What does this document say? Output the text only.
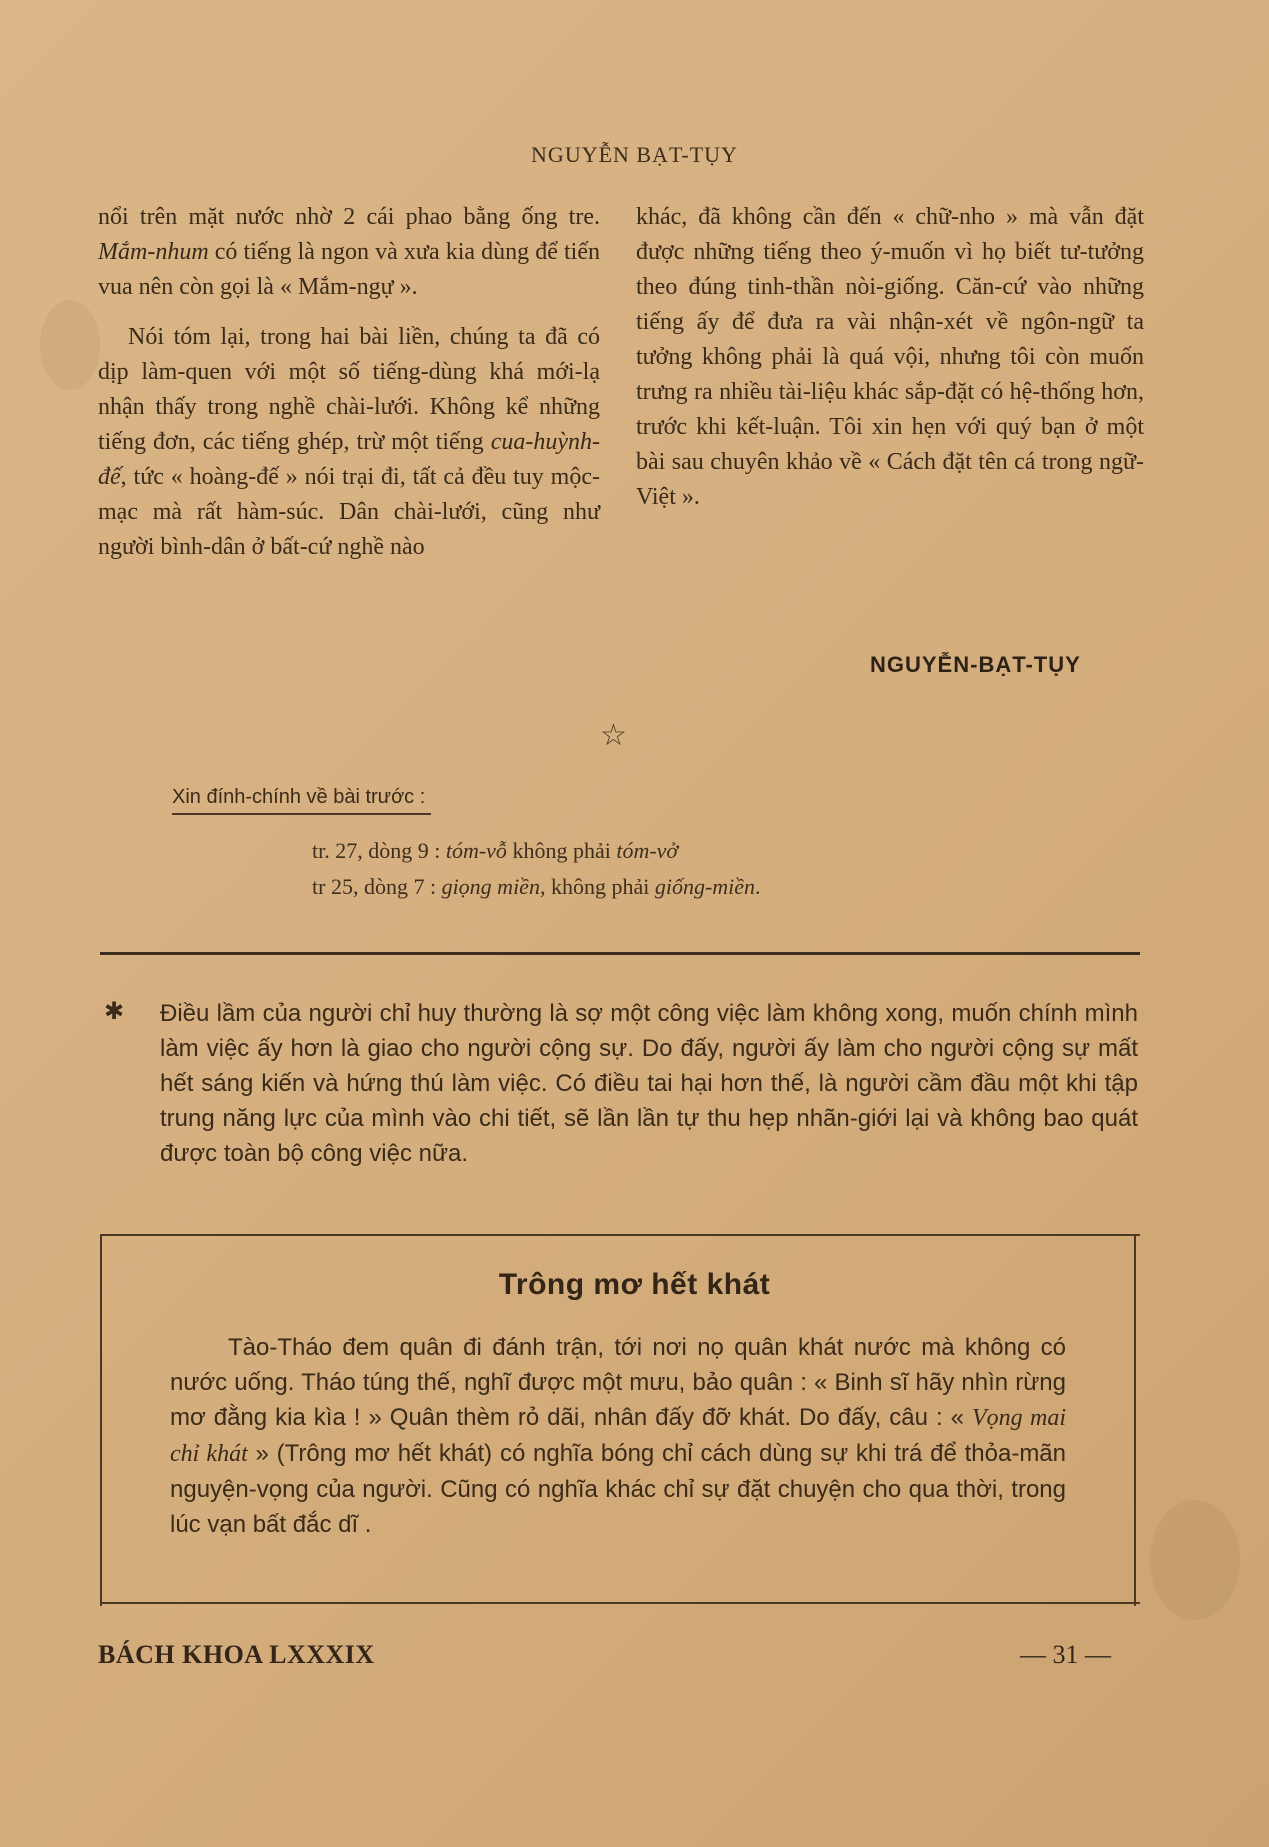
NGUYỄN BẠT-TỤY

nổi trên mặt nước nhờ 2 cái phao bằng ống tre. Mắm-nhum có tiếng là ngon và xưa kia dùng để tiến vua nên còn gọi là « Mắm-ngự ».

Nói tóm lại, trong hai bài liền, chúng ta đã có dịp làm-quen với một số tiếng-dùng khá mới-lạ nhận thấy trong nghề chài-lưới. Không kể những tiếng đơn, các tiếng ghép, trừ một tiếng cua-huỳnh-đế, tức « hoàng-đế » nói trại đi, tất cả đều tuy mộc-mạc mà rất hàm-súc. Dân chài-lưới, cũng như người bình-dân ở bất-cứ nghề nào

khác, đã không cần đến « chữ-nho » mà vẫn đặt được những tiếng theo ý-muốn vì họ biết tư-tưởng theo đúng tinh-thần nòi-giống. Căn-cứ vào những tiếng ấy để đưa ra vài nhận-xét về ngôn-ngữ ta tưởng không phải là quá vội, nhưng tôi còn muốn trưng ra nhiều tài-liệu khác sắp-đặt có hệ-thống hơn, trước khi kết-luận. Tôi xin hẹn với quý bạn ở một bài sau chuyên khảo về « Cách đặt tên cá trong ngữ-Việt ».

NGUYỄN-BẠT-TỤY
☆
Xin đính-chính về bài trước :
tr. 27, dòng 9 : tóm-vỗ không phải tóm-vở
tr 25, dòng 7 : giọng miền, không phải giống-miền.
✱ Điều lầm của người chỉ huy thường là sợ một công việc làm không xong, muốn chính mình làm việc ấy hơn là giao cho người cộng sự. Do đấy, người ấy làm cho người cộng sự mất hết sáng kiến và hứng thú làm việc. Có điều tai hại hơn thế, là người cầm đầu một khi tập trung năng lực của mình vào chi tiết, sẽ lần lần tự thu hẹp nhãn-giới lại và không bao quát được toàn bộ công việc nữa.
Trông mơ hết khát
Tào-Tháo đem quân đi đánh trận, tới nơi nọ quân khát nước mà không có nước uống. Tháo túng thế, nghĩ được một mưu, bảo quân : « Binh sĩ hãy nhìn rừng mơ đằng kia kìa ! » Quân thèm rỏ dãi, nhân đấy đỡ khát. Do đấy, câu : « Vọng mai chỉ khát » (Trông mơ hết khát) có nghĩa bóng chỉ cách dùng sự khi trá để thỏa-mãn nguyện-vọng của người. Cũng có nghĩa khác chỉ sự đặt chuyện cho qua thời, trong lúc vạn bất đắc dĩ .
BÁCH KHOA LXXXIX	— 31 —
